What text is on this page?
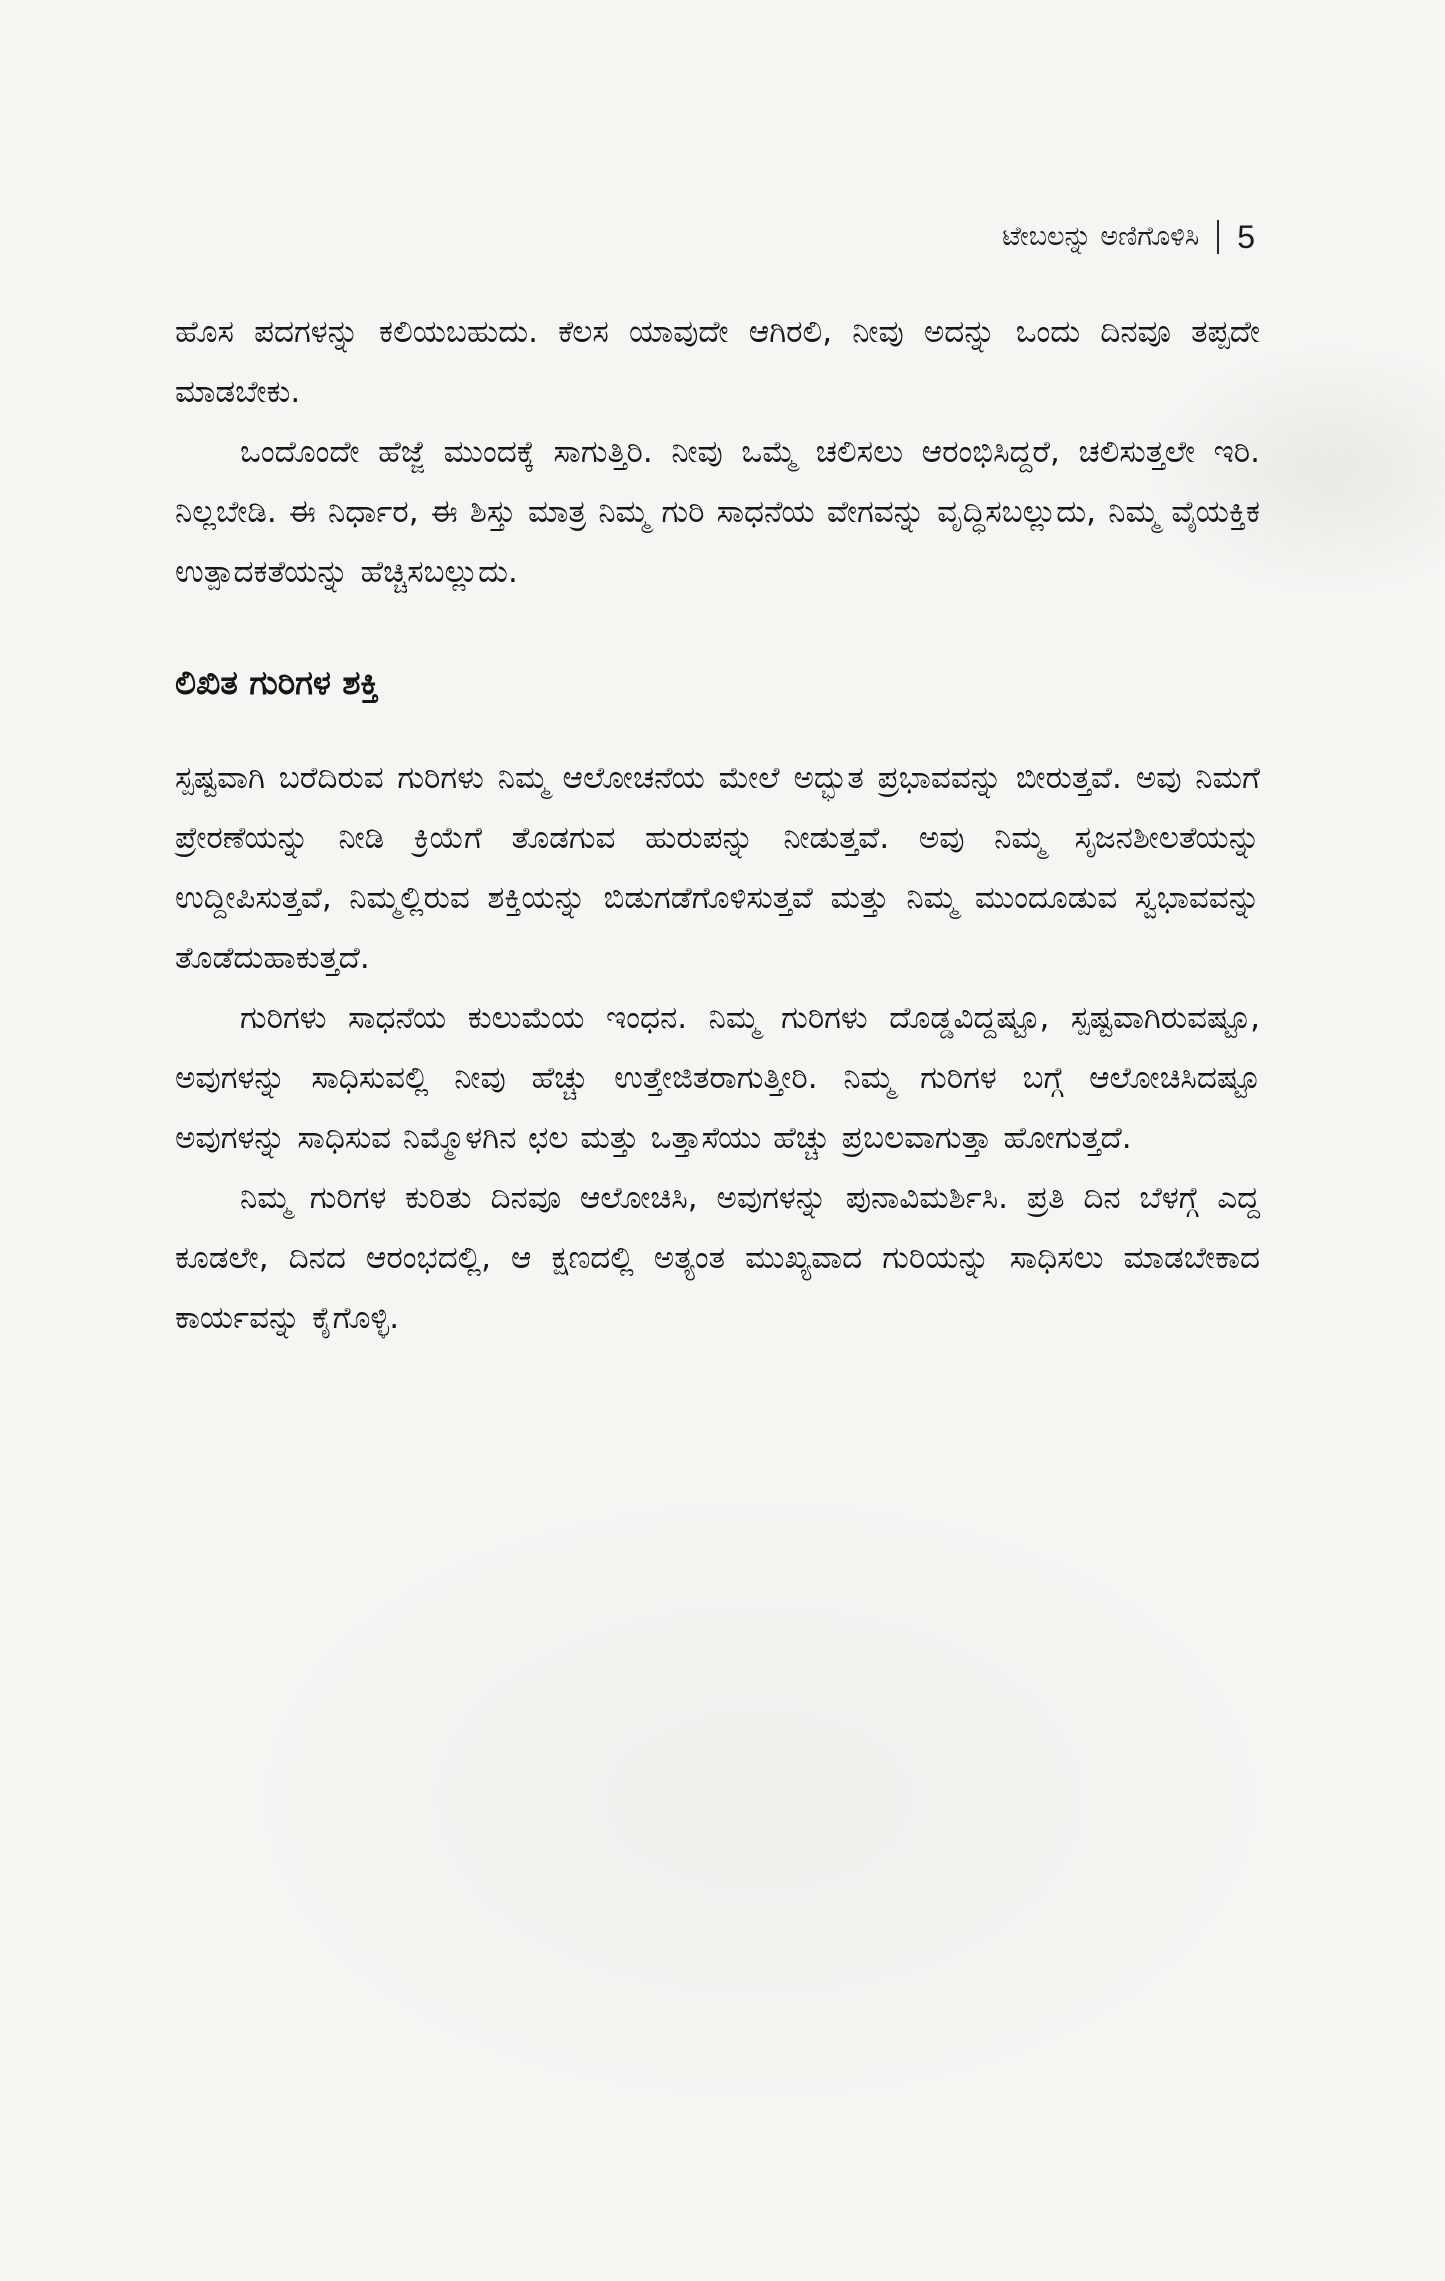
ಟೇಬಲನ್ನು ಅಣಿಗೊಳಿಸಿ 5

ಹೊಸ ಪದಗಳನ್ನು ಕಲಿಯಬಹುದು. ಕೆಲಸ ಯಾವುದೇ ಆಗಿರಲಿ, ನೀವು ಅದನ್ನು ಒಂದು ದಿನವೂ ತಪ್ಪದೇ ಮಾಡಬೇಕು.

ಒಂದೊಂದೇ ಹೆಜ್ಜೆ ಮುಂದಕ್ಕೆ ಸಾಗುತ್ತಿರಿ. ನೀವು ಒಮ್ಮೆ ಚಲಿಸಲು ಆರಂಭಿಸಿದ್ದರೆ, ಚಲಿಸುತ್ತಲೇ ಇರಿ. ನಿಲ್ಲಬೇಡಿ. ಈ ನಿರ್ಧಾರ, ಈ ಶಿಸ್ತು ಮಾತ್ರ ನಿಮ್ಮ ಗುರಿ ಸಾಧನೆಯ ವೇಗವನ್ನು ವೃದ್ಧಿಸಬಲ್ಲುದು, ನಿಮ್ಮ ವೈಯಕ್ತಿಕ ಉತ್ಪಾದಕತೆಯನ್ನು ಹೆಚ್ಚಿಸಬಲ್ಲುದು.

ಲಿಖಿತ ಗುರಿಗಳ ಶಕ್ತಿ

ಸ್ಪಷ್ಟವಾಗಿ ಬರೆದಿರುವ ಗುರಿಗಳು ನಿಮ್ಮ ಆಲೋಚನೆಯ ಮೇಲೆ ಅದ್ಭುತ ಪ್ರಭಾವವನ್ನು ಬೀರುತ್ತವೆ. ಅವು ನಿಮಗೆ ಪ್ರೇರಣೆಯನ್ನು ನೀಡಿ ಕ್ರಿಯೆಗೆ ತೊಡಗುವ ಹುರುಪನ್ನು ನೀಡುತ್ತವೆ. ಅವು ನಿಮ್ಮ ಸೃಜನಶೀಲತೆಯನ್ನು ಉದ್ದೀಪಿಸುತ್ತವೆ, ನಿಮ್ಮಲ್ಲಿರುವ ಶಕ್ತಿಯನ್ನು ಬಿಡುಗಡೆಗೊಳಿಸುತ್ತವೆ ಮತ್ತು ನಿಮ್ಮ ಮುಂದೂಡುವ ಸ್ವಭಾವವನ್ನು ತೊಡೆದುಹಾಕುತ್ತದೆ.

ಗುರಿಗಳು ಸಾಧನೆಯ ಕುಲುಮೆಯ ಇಂಧನ. ನಿಮ್ಮ ಗುರಿಗಳು ದೊಡ್ಡವಿದ್ದಷ್ಟೂ, ಸ್ಪಷ್ಟವಾಗಿರುವಷ್ಟೂ, ಅವುಗಳನ್ನು ಸಾಧಿಸುವಲ್ಲಿ ನೀವು ಹೆಚ್ಚು ಉತ್ತೇಜಿತರಾಗುತ್ತೀರಿ. ನಿಮ್ಮ ಗುರಿಗಳ ಬಗ್ಗೆ ಆಲೋಚಿಸಿದಷ್ಟೂ ಅವುಗಳನ್ನು ಸಾಧಿಸುವ ನಿಮ್ಮೊಳಗಿನ ಛಲ ಮತ್ತು ಒತ್ತಾಸೆಯು ಹೆಚ್ಚು ಪ್ರಬಲವಾಗುತ್ತಾ ಹೋಗುತ್ತದೆ.

ನಿಮ್ಮ ಗುರಿಗಳ ಕುರಿತು ದಿನವೂ ಆಲೋಚಿಸಿ, ಅವುಗಳನ್ನು ಪುನಾವಿಮರ್ಶಿಸಿ. ಪ್ರತಿ ದಿನ ಬೆಳಗ್ಗೆ ಎದ್ದ ಕೂಡಲೇ, ದಿನದ ಆರಂಭದಲ್ಲಿ, ಆ ಕ್ಷಣದಲ್ಲಿ ಅತ್ಯಂತ ಮುಖ್ಯವಾದ ಗುರಿಯನ್ನು ಸಾಧಿಸಲು ಮಾಡಬೇಕಾದ ಕಾರ್ಯವನ್ನು ಕೈಗೊಳ್ಳಿ.
